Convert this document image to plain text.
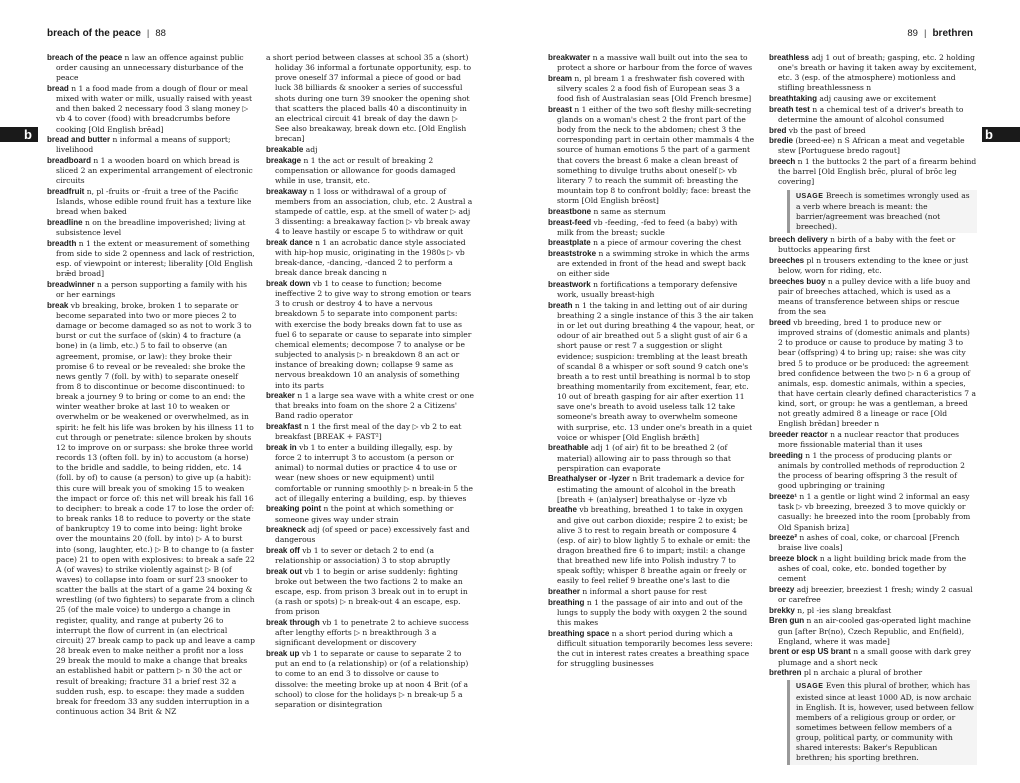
breach of the peace | 88
b
breach of the peace n law an offence against public order causing an unnecessary disturbance of the peace
bread n 1 a food made from a dough of flour or meal mixed with water or milk, usually raised with yeast and then baked 2 necessary food 3 slang money ▷ vb 4 to cover (food) with breadcrumbs before cooking [Old English brēad]
bread and butter n informal a means of support; livelihood
breadboard n 1 a wooden board on which bread is sliced 2 an experimental arrangement of electronic circuits
breadfruit n, pl -fruits or -fruit a tree of the Pacific Islands, whose edible round fruit has a texture like bread when baked
breadline n on the breadline impoverished; living at subsistence level
breadth n 1 the extent or measurement of something from side to side 2 openness and lack of restriction, esp. of viewpoint or interest; liberality [Old English brǣd broad]
breadwinner n a person supporting a family with his or her earnings
break vb breaking, broke, broken 1 to separate or become separated into two or more pieces 2 to damage or become damaged so as not to work 3 to burst or cut the surface of (skin) 4 to fracture (a bone) in (a limb, etc.) 5 to fail to observe (an agreement, promise, or law): they broke their promise 6 to reveal or be revealed: she broke the news gently 7 (foll. by with) to separate oneself from 8 to discontinue or become discontinued: to break a journey 9 to bring or come to an end: the winter weather broke at last 10 to weaken or overwhelm or be weakened or overwhelmed, as in spirit: he felt his life was broken by his illness 11 to cut through or penetrate: silence broken by shouts 12 to improve on or surpass: she broke three world records 13 (often foll. by in) to accustom (a horse) to the bridle and saddle, to being ridden, etc. 14 (foll. by of) to cause (a person) to give up (a habit): this cure will break you of smoking 15 to weaken the impact or force of: this net will break his fall 16 to decipher: to break a code 17 to lose the order of: to break ranks 18 to reduce to poverty or the state of bankruptcy 19 to come into being: light broke over the mountains 20 (foll. by into) ▷ A to burst into (song, laughter, etc.) ▷ B to change to (a faster pace) 21 to open with explosives: to break a safe 22 A (of waves) to strike violently against ▷ B (of waves) to collapse into foam or surf 23 snooker to scatter the balls at the start of a game 24 boxing & wrestling (of two fighters) to separate from a clinch 25 (of the male voice) to undergo a change in register, quality, and range at puberty 26 to interrupt the flow of current in (an electrical circuit) 27 break camp to pack up and leave a camp 28 break even to make neither a profit nor a loss 29 break the mould to make a change that breaks an established habit or pattern ▷ n 30 the act or result of breaking; fracture 31 a brief rest 32 a sudden rush, esp. to escape: they made a sudden break for freedom 33 any sudden interruption in a continuous action 34 Brit & NZ
a short period between classes at school 35 a (short) holiday 36 informal a fortunate opportunity, esp. to prove oneself 37 informal a piece of good or bad luck 38 billiards & snooker a series of successful shots during one turn 39 snooker the opening shot that scatters the placed balls 40 a discontinuity in an electrical circuit 41 break of day the dawn ▷ See also breakaway, break down etc. [Old English brecan]
breakable adj
breakage n 1 the act or result of breaking 2 compensation or allowance for goods damaged while in use, transit, etc.
breakaway n 1 loss or withdrawal of a group of members from an association, club, etc. 2 Austral a stampede of cattle, esp. at the smell of water ▷ adj 3 dissenting: a breakaway faction ▷ vb break away 4 to leave hastily or escape 5 to withdraw or quit
break dance n 1 an acrobatic dance style associated with hip-hop music, originating in the 1980s ▷ vb break-dance, -dancing, -danced 2 to perform a break dance break dancing n
break down vb 1 to cease to function; become ineffective 2 to give way to strong emotion or tears 3 to crush or destroy 4 to have a nervous breakdown 5 to separate into component parts: with exercise the body breaks down fat to use as fuel 6 to separate or cause to separate into simpler chemical elements; decompose 7 to analyse or be subjected to analysis ▷ n breakdown 8 an act or instance of breaking down; collapse 9 same as nervous breakdown 10 an analysis of something into its parts
breaker n 1 a large sea wave with a white crest or one that breaks into foam on the shore 2 a Citizens' Band radio operator
breakfast n 1 the first meal of the day ▷ vb 2 to eat breakfast [BREAK + FAST²]
break in vb 1 to enter a building illegally, esp. by force 2 to interrupt 3 to accustom (a person or animal) to normal duties or practice 4 to use or wear (new shoes or new equipment) until comfortable or running smoothly ▷ n break-in 5 the act of illegally entering a building, esp. by thieves
breaking point n the point at which something or someone gives way under strain
breakneck adj (of speed or pace) excessively fast and dangerous
break off vb 1 to sever or detach 2 to end (a relationship or association) 3 to stop abruptly
break out vb 1 to begin or arise suddenly: fighting broke out between the two factions 2 to make an escape, esp. from prison 3 break out in to erupt in (a rash or spots) ▷ n break-out 4 an escape, esp. from prison
break through vb 1 to penetrate 2 to achieve success after lengthy efforts ▷ n breakthrough 3 a significant development or discovery
break up vb 1 to separate or cause to separate 2 to put an end to (a relationship) or (of a relationship) to come to an end 3 to dissolve or cause to dissolve: the meeting broke up at noon 4 Brit (of a school) to close for the holidays ▷ n break-up 5 a separation or disintegration
89 | brethren
b
breakwater n a massive wall built out into the sea to protect a shore or harbour from the force of waves
bream n, pl bream 1 a freshwater fish covered with silvery scales 2 a food fish of European seas 3 a food fish of Australasian seas [Old French bresme]
breast n 1 either of the two soft fleshy milk-secreting glands on a woman's chest 2 the front part of the body from the neck to the abdomen; chest 3 the corresponding part in certain other mammals 4 the source of human emotions 5 the part of a garment that covers the breast 6 make a clean breast of something to divulge truths about oneself ▷ vb literary 7 to reach the summit of: breasting the mountain top 8 to confront boldly; face: breast the storm [Old English brēost]
breastbone n same as sternum
breast-feed vb -feeding, -fed to feed (a baby) with milk from the breast; suckle
breastplate n a piece of armour covering the chest
breaststroke n a swimming stroke in which the arms are extended in front of the head and swept back on either side
breastwork n fortifications a temporary defensive work, usually breast-high
breath n 1 the taking in and letting out of air during breathing 2 a single instance of this 3 the air taken in or let out during breathing 4 the vapour, heat, or odour of air breathed out 5 a slight gust of air 6 a short pause or rest 7 a suggestion or slight evidence; suspicion: trembling at the least breath of scandal 8 a whisper or soft sound 9 catch one's breath a to rest until breathing is normal b to stop breathing momentarily from excitement, fear, etc. 10 out of breath gasping for air after exertion 11 save one's breath to avoid useless talk 12 take someone's breath away to overwhelm someone with surprise, etc. 13 under one's breath in a quiet voice or whisper [Old English brǣth]
breathable adj 1 (of air) fit to be breathed 2 (of material) allowing air to pass through so that perspiration can evaporate
Breathalyser or -lyzer n Brit trademark a device for estimating the amount of alcohol in the breath [breath + (an)alyser] breathalyse or -lyze vb
breathe vb breathing, breathed 1 to take in oxygen and give out carbon dioxide; respire 2 to exist; be alive 3 to rest to regain breath or composure 4 (esp. of air) to blow lightly 5 to exhale or emit: the dragon breathed fire 6 to impart; instil: a change that breathed new life into Polish industry 7 to speak softly; whisper 8 breathe again or freely or easily to feel relief 9 breathe one's last to die
breather n informal a short pause for rest
breathing n 1 the passage of air into and out of the lungs to supply the body with oxygen 2 the sound this makes
breathing space n a short period during which a difficult situation temporarily becomes less severe: the cut in interest rates creates a breathing space for struggling businesses
breathless adj 1 out of breath; gasping, etc. 2 holding one's breath or having it taken away by excitement, etc. 3 (esp. of the atmosphere) motionless and stifling breathlessness n
breathtaking adj causing awe or excitement
breath test n a chemical test of a driver's breath to determine the amount of alcohol consumed
bred vb the past of breed
bredie (breed-ee) n S African a meat and vegetable stew [Portuguese bredo ragout]
breech n 1 the buttocks 2 the part of a firearm behind the barrel [Old English brēc, plural of brōc leg covering]
USAGE Breech is sometimes wrongly used as a verb where breach is meant: the barrier/agreement was breached (not breeched).
breech delivery n birth of a baby with the feet or buttocks appearing first
breeches pl n trousers extending to the knee or just below, worn for riding, etc.
breeches buoy n a pulley device with a life buoy and pair of breeches attached, which is used as a means of transference between ships or rescue from the sea
breed vb breeding, bred 1 to produce new or improved strains of (domestic animals and plants) 2 to produce or cause to produce by mating 3 to bear (offspring) 4 to bring up; raise: she was city bred 5 to produce or be produced: the agreement bred confidence between the two ▷ n 6 a group of animals, esp. domestic animals, within a species, that have certain clearly defined characteristics 7 a kind, sort, or group: he was a gentleman, a breed not greatly admired 8 a lineage or race [Old English brēdan] breeder n
breeder reactor n a nuclear reactor that produces more fissionable material than it uses
breeding n 1 the process of producing plants or animals by controlled methods of reproduction 2 the process of bearing offspring 3 the result of good upbringing or training
breeze¹ n 1 a gentle or light wind 2 informal an easy task ▷ vb breezing, breezed 3 to move quickly or casually: he breezed into the room [probably from Old Spanish briza]
breeze² n ashes of coal, coke, or charcoal [French braise live coals]
breeze block n a light building brick made from the ashes of coal, coke, etc. bonded together by cement
breezy adj breezier, breeziest 1 fresh; windy 2 casual or carefree
brekky n, pl -ies slang breakfast
Bren gun n an air-cooled gas-operated light machine gun [after Br(no), Czech Republic, and En(field), England, where it was made]
brent or esp US brant n a small goose with dark grey plumage and a short neck
brethren pl n archaic a plural of brother
USAGE Even this plural of brother, which has existed since at least 1000 AD, is now archaic in English. It is, however, used between fellow members of a religious group or order, or sometimes between fellow members of a group, political party, or community with shared interests: Baker's Republican brethren; his sporting brethren.
